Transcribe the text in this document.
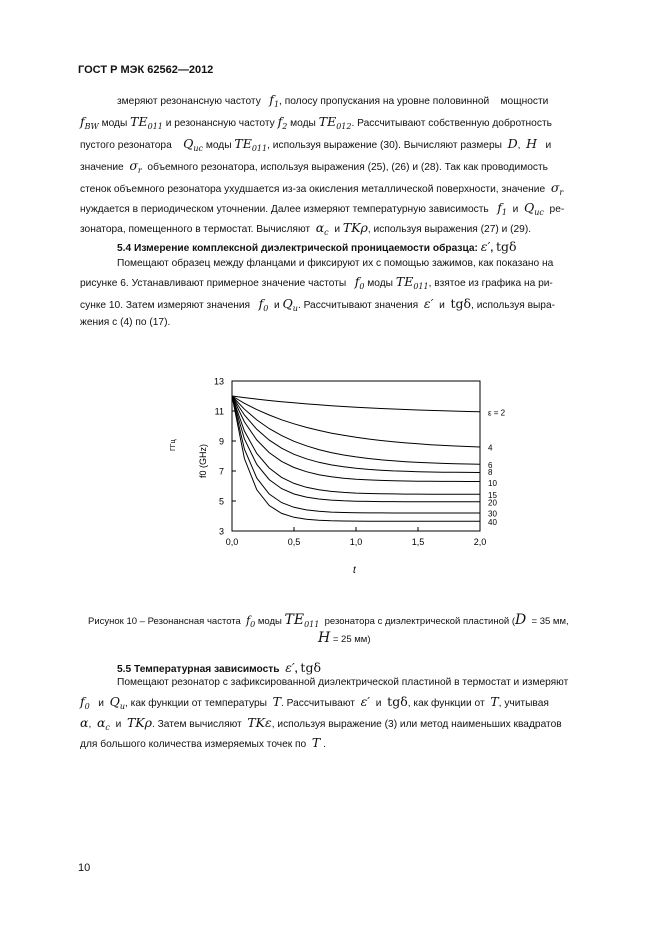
ГОСТ Р МЭК 62562—2012
змеряют резонансную частоту $f_1$, полосу пропускания на уровне половинной мощности
$f_{BW}$ моды $TE_{011}$ и резонансную частоту $f_2$ моды $TE_{012}$. Рассчитывают собственную добротность
пустого резонатора $Q_{uc}$ моды $TE_{011}$, используя выражение (30). Вычисляют размеры D,  H и
значение $\sigma_r$ объемного резонатора, используя выражения (25), (26) и (28). Так как проводимость
стенок объемного резонатора ухудшается из-за окисления металлической поверхности, значение $\sigma_r$
нуждается в периодическом уточнении. Далее измеряют температурную зависимость $f_1$ и $Q_{uc}$ ре-
зонатора, помещенного в термостат. Вычисляют $\alpha_c$ и TKρ, используя выражения (27) и (29).
5.4 Измерение комплексной диэлектрической проницаемости образца: ε′, tgδ
Помещают образец между фланцами и фиксируют их с помощью зажимов, как показано на
рисунке 6. Устанавливают примерное значение частоты $f_0$ моды $TE_{011}$, взятое из графика на ри-
сунке 10. Затем измеряют значения $f_0$ и $Q_u$. Рассчитывают значения ε′ и tgδ, используя выра-
жения с (4) по (17).
3
5
7
9
11
13
0,0	0,5	1,0	1,5	2,0
t
f0 (GHz)
ГГц
ε = 2
4
6
8
10
15
20
30
40
Рисунок 10 – Резонансная частота $f_0$ моды $TE_{011}$ резонатора с диэлектрической пластиной (D = 35 мм,
H = 25 мм)
5.5 Температурная зависимость ε′, tgδ
Помещают резонатор с зафиксированной диэлектрической пластиной в термостат и измеряют
$f_0$ и $Q_u$, как функции от температуры T. Рассчитывают ε′ и tgδ, как функции от T, учитывая
α, $\alpha_c$ и TKρ. Затем вычисляют TKε, используя выражение (3) или метод наименьших квадратов
для большого количества измеряемых точек по T .
10
